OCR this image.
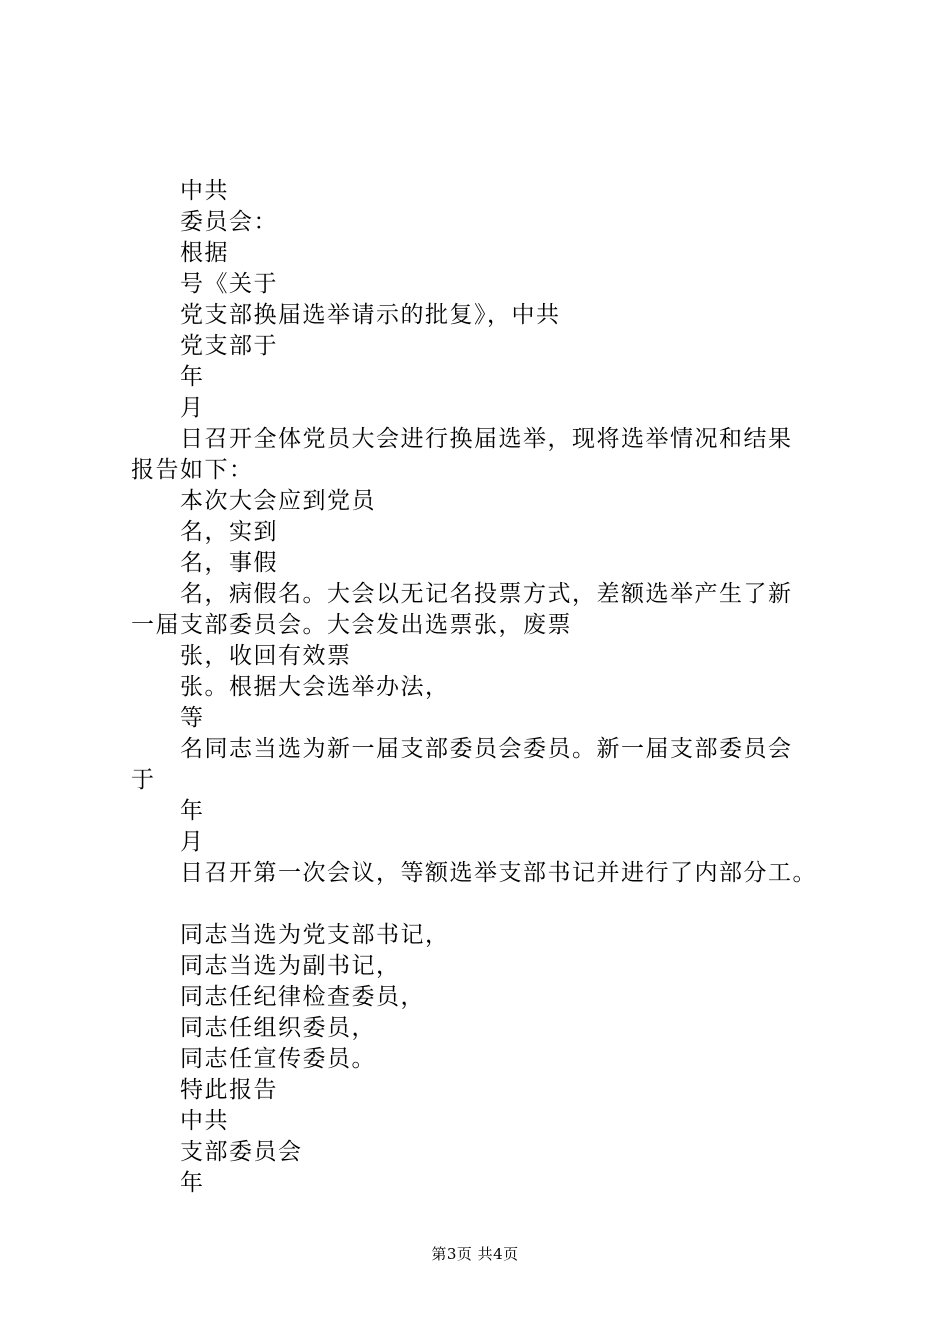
中共
委员会：
根据
号《关于
党支部换届选举请示的批复》，中共
党支部于
年
月
日召开全体党员大会进行换届选举，现将选举情况和结果
报告如下：
本次大会应到党员
名，实到
名，事假
名，病假名。大会以无记名投票方式，差额选举产生了新
一届支部委员会。大会发出选票张，废票
张，收回有效票
张。根据大会选举办法，
等
名同志当选为新一届支部委员会委员。新一届支部委员会
于
年
月
日召开第一次会议，等额选举支部书记并进行了内部分工。
同志当选为党支部书记，
同志当选为副书记，
同志任纪律检查委员，
同志任组织委员，
同志任宣传委员。
特此报告
中共
支部委员会
年
第3页 共4页
